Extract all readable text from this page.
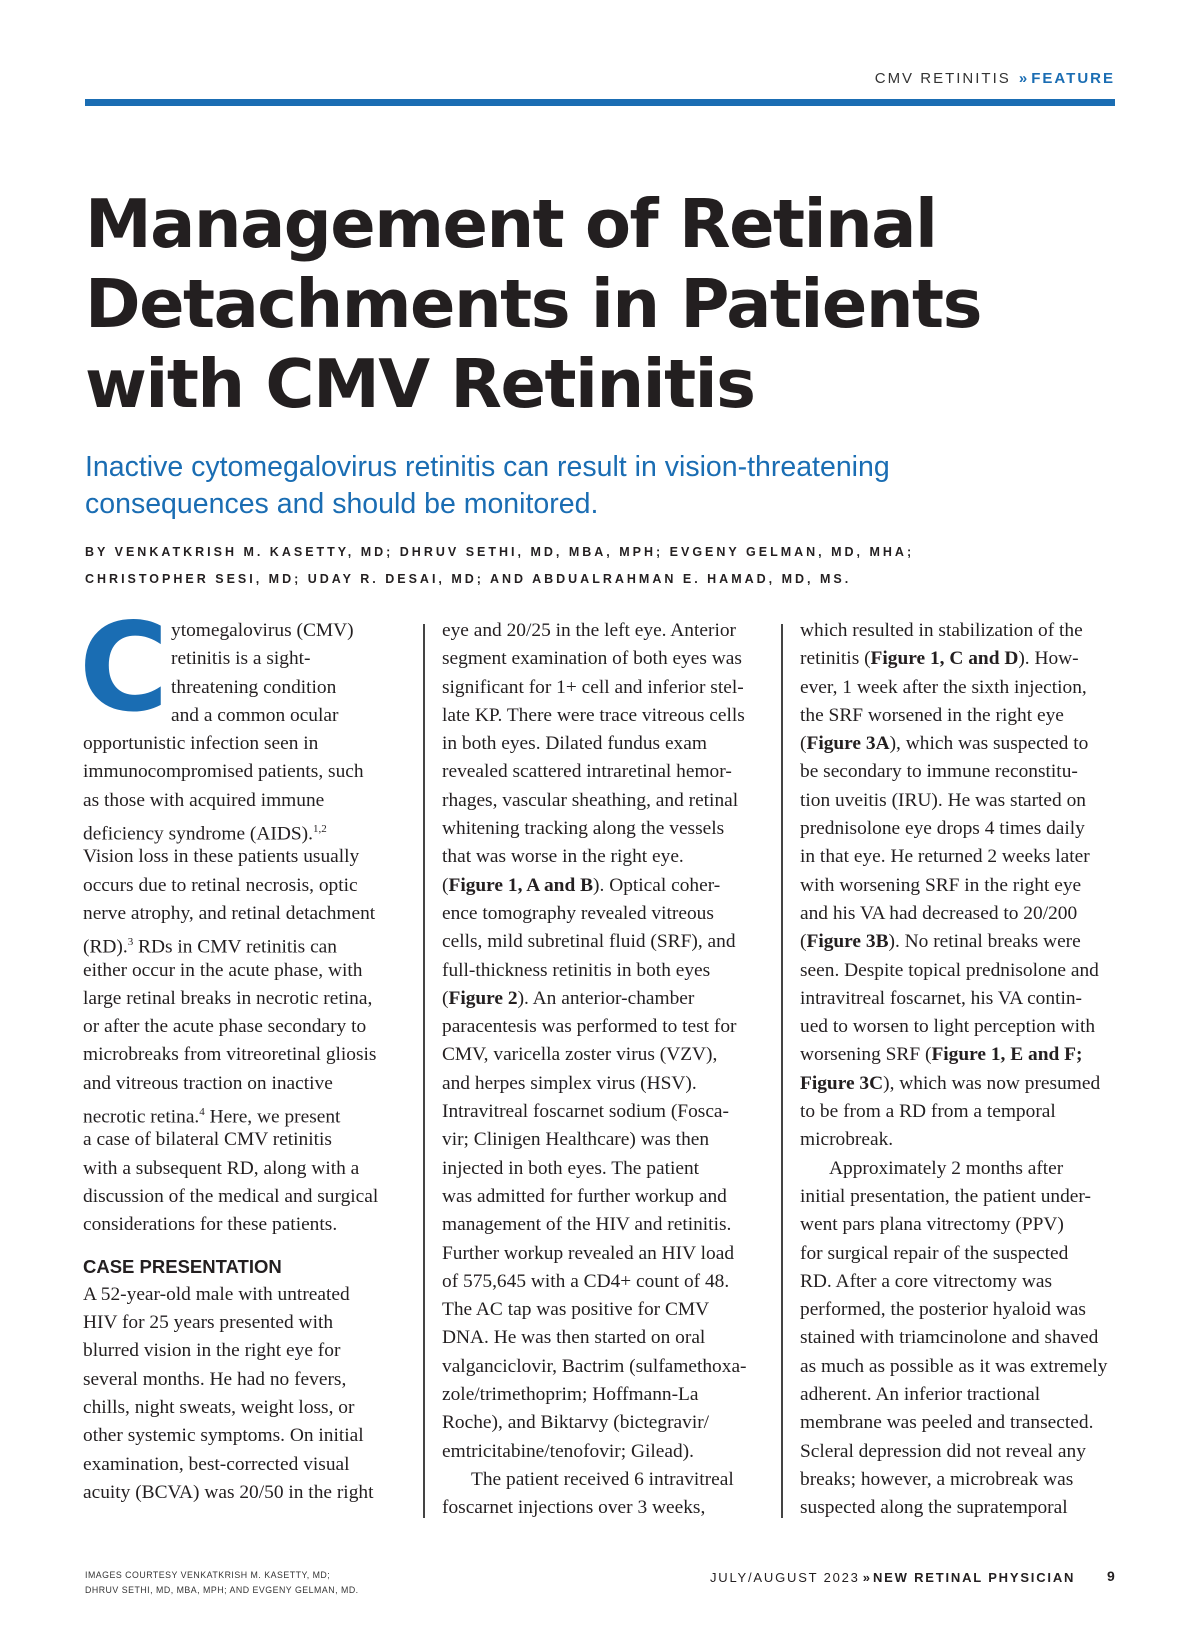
CMV RETINITIS » FEATURE
Management of Retinal
Detachments in Patients
with CMV Retinitis

Inactive cytomegalovirus retinitis can result in vision-threatening
consequences and should be monitored.

BY VENKATKRISH M. KASETTY, MD; DHRUV SETHI, MD, MBA, MPH; EVGENY GELMAN, MD, MHA;
CHRISTOPHER SESI, MD; UDAY R. DESAI, MD; AND ABDUALRAHMAN E. HAMAD, MD, MS.
C ytomegalovirus (CMV)
retinitis is a sight-
threatening condition
and a common ocular
opportunistic infection seen in
immunocompromised patients, such
as those with acquired immune
deficiency syndrome (AIDS).$^{1,2}$
Vision loss in these patients usually
occurs due to retinal necrosis, optic
nerve atrophy, and retinal detachment
(RD).$^3$ RDs in CMV retinitis can
either occur in the acute phase, with
large retinal breaks in necrotic retina,
or after the acute phase secondary to
microbreaks from vitreoretinal gliosis
and vitreous traction on inactive
necrotic retina.$^4$ Here, we present
a case of bilateral CMV retinitis
with a subsequent RD, along with a
discussion of the medical and surgical
considerations for these patients.
CASE PRESENTATION
A 52-year-old male with untreated
HIV for 25 years presented with
blurred vision in the right eye for
several months. He had no fevers,
chills, night sweats, weight loss, or
other systemic symptoms. On initial
examination, best-corrected visual
acuity (BCVA) was 20/50 in the right
eye and 20/25 in the left eye. Anterior
segment examination of both eyes was
significant for 1+ cell and inferior stel-
late KP. There were trace vitreous cells
in both eyes. Dilated fundus exam
revealed scattered intraretinal hemor-
rhages, vascular sheathing, and retinal
whitening tracking along the vessels
that was worse in the right eye.
(Figure 1, A and B). Optical coher-
ence tomography revealed vitreous
cells, mild subretinal fluid (SRF), and
full-thickness retinitis in both eyes
(Figure 2). An anterior-chamber
paracentesis was performed to test for
CMV, varicella zoster virus (VZV),
and herpes simplex virus (HSV).
Intravitreal foscarnet sodium (Fosca-
vir; Clinigen Healthcare) was then
injected in both eyes. The patient
was admitted for further workup and
management of the HIV and retinitis.
Further workup revealed an HIV load
of 575,645 with a CD4+ count of 48.
The AC tap was positive for CMV
DNA. He was then started on oral
valganciclovir, Bactrim (sulfamethoxa-
zole/trimethoprim; Hoffmann-La
Roche), and Biktarvy (bictegravir/
emtricitabine/tenofovir; Gilead).
The patient received 6 intravitreal
foscarnet injections over 3 weeks,
which resulted in stabilization of the
retinitis (Figure 1, C and D). How-
ever, 1 week after the sixth injection,
the SRF worsened in the right eye
(Figure 3A), which was suspected to
be secondary to immune reconstitu-
tion uveitis (IRU). He was started on
prednisolone eye drops 4 times daily
in that eye. He returned 2 weeks later
with worsening SRF in the right eye
and his VA had decreased to 20/200
(Figure 3B). No retinal breaks were
seen. Despite topical prednisolone and
intravitreal foscarnet, his VA contin-
ued to worsen to light perception with
worsening SRF (Figure 1, E and F;
Figure 3C), which was now presumed
to be from a RD from a temporal
microbreak.
Approximately 2 months after
initial presentation, the patient under-
went pars plana vitrectomy (PPV)
for surgical repair of the suspected
RD. After a core vitrectomy was
performed, the posterior hyaloid was
stained with triamcinolone and shaved
as much as possible as it was extremely
adherent. An inferior tractional
membrane was peeled and transected.
Scleral depression did not reveal any
breaks; however, a microbreak was
suspected along the supratemporal
IMAGES COURTESY VENKATKRISH M. KASETTY, MD;
DHRUV SETHI, MD, MBA, MPH; AND EVGENY GELMAN, MD.
JULY/AUGUST 2023 » NEW RETINAL PHYSICIAN 9
